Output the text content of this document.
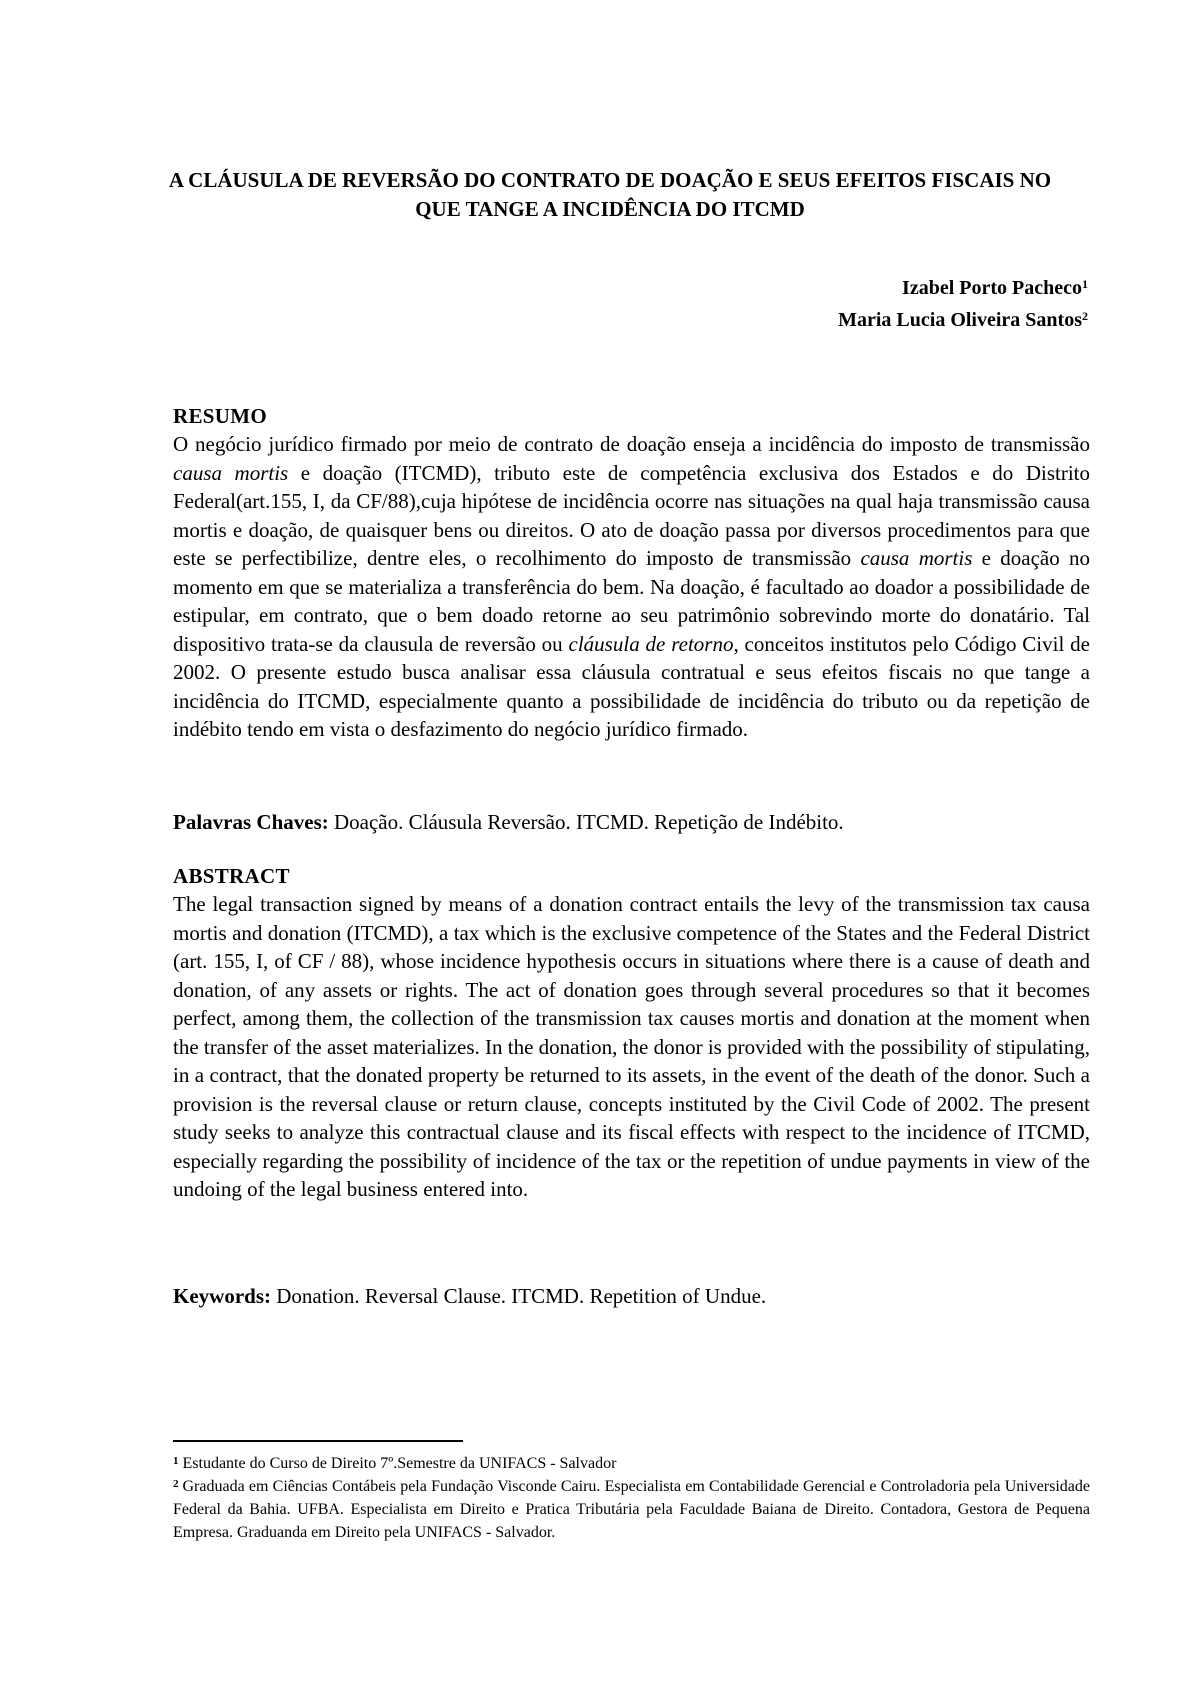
A CLÁUSULA DE REVERSÃO DO CONTRATO DE DOAÇÃO E SEUS EFEITOS FISCAIS NO QUE TANGE A INCIDÊNCIA DO ITCMD
Izabel Porto Pacheco$^1$
Maria Lucia Oliveira Santos$^2$
RESUMO

O negócio jurídico firmado por meio de contrato de doação enseja a incidência do imposto de transmissão causa mortis e doação (ITCMD), tributo este de competência exclusiva dos Estados e do Distrito Federal(art.155, I, da CF/88),cuja hipótese de incidência ocorre nas situações na qual haja transmissão causa mortis e doação, de quaisquer bens ou direitos. O ato de doação passa por diversos procedimentos para que este se perfectibilize, dentre eles, o recolhimento do imposto de transmissão causa mortis e doação no momento em que se materializa a transferência do bem. Na doação, é facultado ao doador a possibilidade de estipular, em contrato, que o bem doado retorne ao seu patrimônio sobrevindo morte do donatário. Tal dispositivo trata-se da clausula de reversão ou cláusula de retorno, conceitos institutos pelo Código Civil de 2002. O presente estudo busca analisar essa cláusula contratual e seus efeitos fiscais no que tange a incidência do ITCMD, especialmente quanto a possibilidade de incidência do tributo ou da repetição de indébito tendo em vista o desfazimento do negócio jurídico firmado.

Palavras Chaves: Doação. Cláusula Reversão. ITCMD. Repetição de Indébito.

ABSTRACT

The legal transaction signed by means of a donation contract entails the levy of the transmission tax causa mortis and donation (ITCMD), a tax which is the exclusive competence of the States and the Federal District (art. 155, I, of CF / 88), whose incidence hypothesis occurs in situations where there is a cause of death and donation, of any assets or rights. The act of donation goes through several procedures so that it becomes perfect, among them, the collection of the transmission tax causes mortis and donation at the moment when the transfer of the asset materializes. In the donation, the donor is provided with the possibility of stipulating, in a contract, that the donated property be returned to its assets, in the event of the death of the donor. Such a provision is the reversal clause or return clause, concepts instituted by the Civil Code of 2002. The present study seeks to analyze this contractual clause and its fiscal effects with respect to the incidence of ITCMD, especially regarding the possibility of incidence of the tax or the repetition of undue payments in view of the undoing of the legal business entered into.

Keywords: Donation. Reversal Clause. ITCMD. Repetition of Undue.

$^1$ Estudante do Curso de Direito 7º.Semestre da UNIFACS - Salvador

$^2$ Graduada em Ciências Contábeis pela Fundação Visconde Cairu. Especialista em Contabilidade Gerencial e Controladoria pela Universidade Federal da Bahia. UFBA. Especialista em Direito e Pratica Tributária pela Faculdade Baiana de Direito. Contadora, Gestora de Pequena Empresa. Graduanda em Direito pela UNIFACS - Salvador.
